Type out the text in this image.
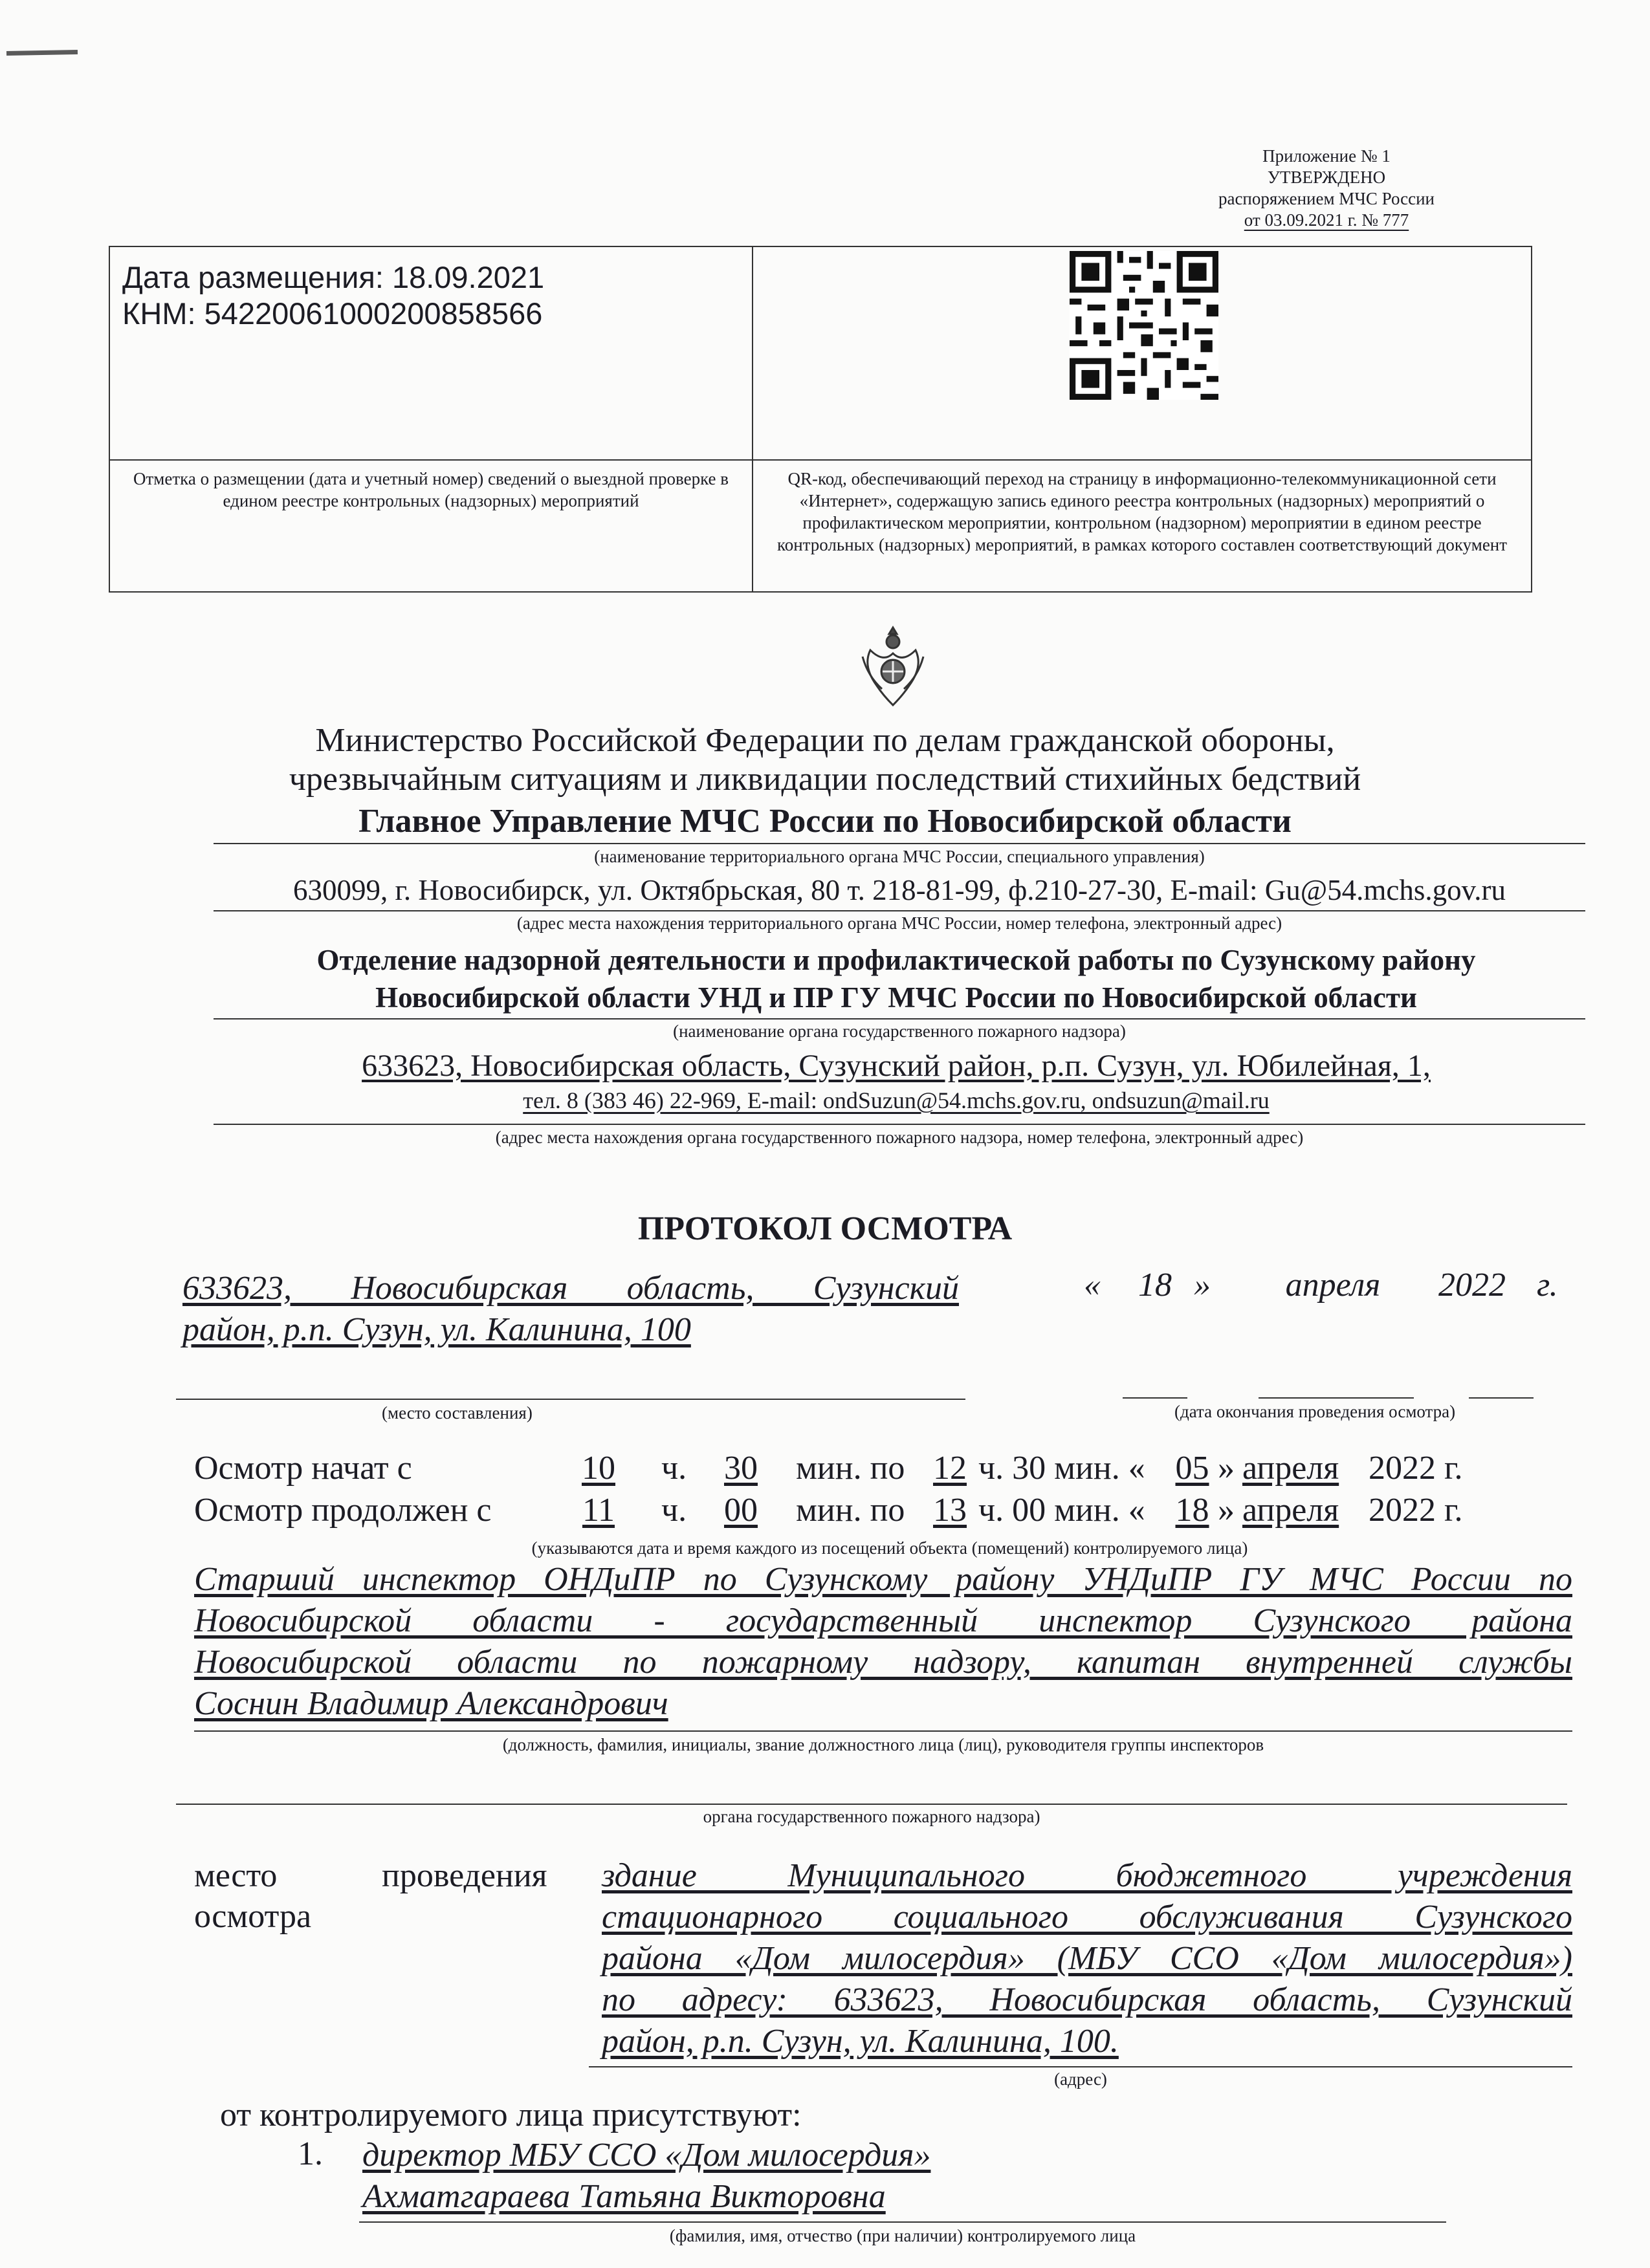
Приложение № 1
УТВЕРЖДЕНО
распоряжением МЧС России
от 03.09.2021 г. № 777
Дата размещения: 18.09.2021
КНМ: 54220061000200858566	

Отметка о размещении (дата и учетный номер) сведений о выездной проверке в едином реестре контрольных (надзорных) мероприятий	QR-код, обеспечивающий переход на страницу в информационно-телекоммуникационной сети «Интернет», содержащую запись единого реестра контрольных (надзорных) мероприятий о профилактическом мероприятии, контрольном (надзорном) мероприятии в едином реестре контрольных (надзорных) мероприятий, в рамках которого составлен соответствующий документ
Министерство Российской Федерации по делам гражданской обороны,
чрезвычайным ситуациям и ликвидации последствий стихийных бедствий
Главное Управление МЧС России по Новосибирской области
(наименование территориального органа МЧС России, специального управления)
630099, г. Новосибирск, ул. Октябрьская, 80 т. 218-81-99, ф.210-27-30, E-mail: Gu@54.mchs.gov.ru
(адрес места нахождения территориального органа МЧС России, номер телефона, электронный адрес)
Отделение надзорной деятельности и профилактической работы по Сузунскому району
Новосибирской области УНД и ПР ГУ МЧС России по Новосибирской области
(наименование органа государственного пожарного надзора)
633623, Новосибирская область, Сузунский район, р.п. Сузун, ул. Юбилейная, 1,
тел. 8 (383 46) 22-969, E-mail: ondSuzun@54.mchs.gov.ru, ondsuzun@mail.ru
(адрес места нахождения органа государственного пожарного надзора, номер телефона, электронный адрес)
ПРОТОКОЛ ОСМОТРА
633623, Новосибирская область, Сузунский
район, р.п. Сузун, ул. Калинина, 100
(место составления)
«	18 »	апреля	2022 г.
(дата окончания проведения осмотра)
Осмотр начат с	10	ч.	30	мин. по 12 ч. 30 мин. « 05 » апреля 2022 г.
Осмотр продолжен с	11	ч.	00	мин. по 13 ч. 00 мин. « 18 » апреля 2022 г.
(указываются дата и время каждого из посещений объекта (помещений) контролируемого лица)
Старший инспектор ОНДиПР по Сузунскому району УНДиПР ГУ МЧС России по
Новосибирской области - государственный инспектор Сузунского района
Новосибирской области по пожарному надзору, капитан внутренней службы
Соснин Владимир Александрович
(должность, фамилия, инициалы, звание должностного лица (лиц), руководителя группы инспекторов
органа государственного пожарного надзора)
место	проведения
осмотра
здание Муниципального бюджетного учреждения
стационарного социального обслуживания Сузунского
района «Дом милосердия» (МБУ ССО «Дом милосердия»)
по адресу: 633623, Новосибирская область, Сузунский
район, р.п. Сузун, ул. Калинина, 100.
(адрес)
от контролируемого лица присутствуют:
1. директор МБУ ССО «Дом милосердия»
Ахматгараева Татьяна Викторовна
(фамилия, имя, отчество (при наличии) контролируемого лица
